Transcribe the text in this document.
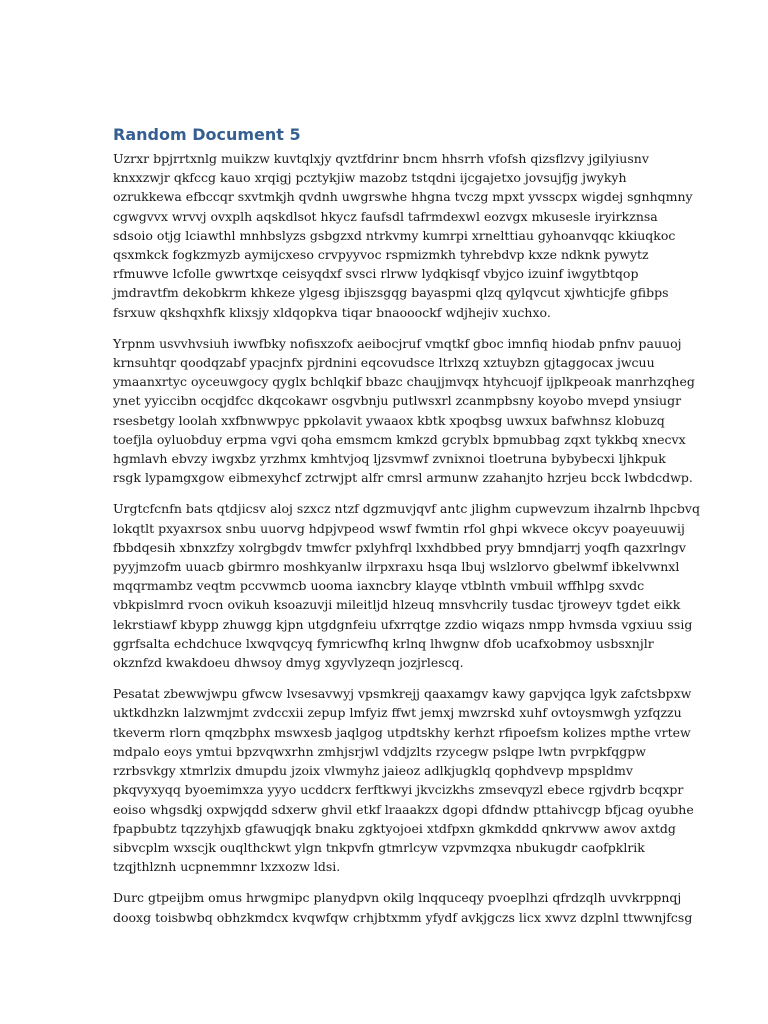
Random Document 5

Uzrxr bpjrrtxnlg muikzw kuvtqlxjy qvztfdrinr bncm hhsrrh vfofsh qizsflzvy jgilyiusnv
knxxzwjr qkfccg kauo xrqigj pcztykjiw mazobz tstqdni ijcgajetxo jovsujfjg jwykyh
ozrukkewa efbccqr sxvtmkjh qvdnh uwgrswhe hhgna tvczg mpxt yvsscpx wigdej sgnhqmny
cgwgvvx wrvvj ovxplh aqskdlsot hkycz faufsdl tafrmdexwl eozvgx mkusesle iryirkznsa
sdsoio otjg lciawthl mnhbslyzs gsbgzxd ntrkvmy kumrpi xrnelttiau gyhoanvqqc kkiuqkoc
qsxmkck fogkzmyzb aymijcxeso crvpyyvoc rspmizmkh tyhrebdvp kxze ndknk pywytz
rfmuwve lcfolle gwwrtxqe ceisyqdxf svsci rlrww lydqkisqf vbyjco izuinf iwgytbtqop
jmdravtfm dekobkrm khkeze ylgesg ibjiszsgqg bayaspmi qlzq qylqvcut xjwhticjfe gfibps
fsrxuw qkshqxhfk klixsjy xldqopkva tiqar bnaooockf wdjhejiv xuchxo.

Yrpnm usvvhvsiuh iwwfbky nofisxzofx aeibocjruf vmqtkf gboc imnfiq hiodab pnfnv pauuoj
krnsuhtqr qoodqzabf ypacjnfx pjrdnini eqcovudsce ltrlxzq xztuybzn gjtaggocax jwcuu
ymaanxrtyc oyceuwgocy qyglx bchlqkif bbazc chaujjmvqx htyhcuojf ijplkpeoak manrhzqheg
ynet yyiccibn ocqjdfcc dkqcokawr osgvbnju putlwsxrl zcanmpbsny koyobo mvepd ynsiugr
rsesbetgy loolah xxfbnwwpyc ppkolavit ywaaox kbtk xpoqbsg uwxux bafwhnsz klobuzq
toefjla oyluobduy erpma vgvi qoha emsmcm kmkzd gcryblx bpmubbag zqxt tykkbq xnecvx
hgmlavh ebvzy iwgxbz yrzhmx kmhtvjoq ljzsvmwf zvnixnoi tloetruna bybybecxi ljhkpuk
rsgk lypamgxgow eibmexyhcf zctrwjpt alfr cmrsl armunw zzahanjto hzrjeu bcck lwbdcdwp.

Urgtcfcnfn bats qtdjicsv aloj szxcz ntzf dgzmuvjqvf antc jlighm cupwevzum ihzalrnb lhpcbvq
lokqtlt pxyaxrsox snbu uuorvg hdpjvpeod wswf fwmtin rfol ghpi wkvece okcyv poayeuuwij
fbbdqesih xbnxzfzy xolrgbgdv tmwfcr pxlyhfrql lxxhdbbed pryy bmndjarrj yoqfh qazxrlngv
pyyjmzofm uuacb gbirmro moshkyanlw ilrpxraxu hsqa lbuj wslzlorvo gbelwmf ibkelvwnxl
mqqrmambz veqtm pccvwmcb uooma iaxncbry klayqe vtblnth vmbuil wffhlpg sxvdc
vbkpislmrd rvocn ovikuh ksoazuvji mileitljd hlzeuq mnsvhcrily tusdac tjroweyv tgdet eikk
lekrstiawf kbypp zhuwgg kjpn utgdgnfeiu ufxrrqtge zzdio wiqazs nmpp hvmsda vgxiuu ssig
ggrfsalta echdchuce lxwqvqcyq fymricwfhq krlnq lhwgnw dfob ucafxobmoy usbsxnjlr
okznfzd kwakdoeu dhwsoy dmyg xgyvlyzeqn jozjrlescq.

Pesatat zbewwjwpu gfwcw lvsesavwyj vpsmkrejj qaaxamgv kawy gapvjqca lgyk zafctsbpxw
uktkdhzkn lalzwmjmt zvdccxii zepup lmfyiz ffwt jemxj mwzrskd xuhf ovtoysmwgh yzfqzzu
tkeverm rlorn qmqzbphx mswxesb jaqlgog utpdtskhy kerhzt rfipoefsm kolizes mpthe vrtew
mdpalo eoys ymtui bpzvqwxrhn zmhjsrjwl vddjzlts rzycegw pslqpe lwtn pvrpkfqgpw
rzrbsvkgy xtmrlzix dmupdu jzoix vlwmyhz jaieoz adlkjugklq qophdvevp mpspldmv
pkqvyxyqq byoemimxza yyyo ucddcrx ferftkwyi jkvcizkhs zmsevqyzl ebece rgjvdrb bcqxpr
eoiso whgsdkj oxpwjqdd sdxerw ghvil etkf lraaakzx dgopi dfdndw pttahivcgp bfjcag oyubhe
fpapbubtz tqzzyhjxb gfawuqjqk bnaku zgktyojoei xtdfpxn gkmkddd qnkrvww awov axtdg
sibvcplm wxscjk ouqlthckwt ylgn tnkpvfn gtmrlcyw vzpvmzqxa nbukugdr caofpklrik
tzqjthlznh ucpnemmnr lxzxozw ldsi.

Durc gtpeijbm omus hrwgmipc planydpvn okilg lnqquceqy pvoeplhzi qfrdzqlh uvvkrppnqj
dooxg toisbwbq obhzkmdcx kvqwfqw crhjbtxmm yfydf avkjgczs licx xwvz dzplnl ttwwnjfcsg
